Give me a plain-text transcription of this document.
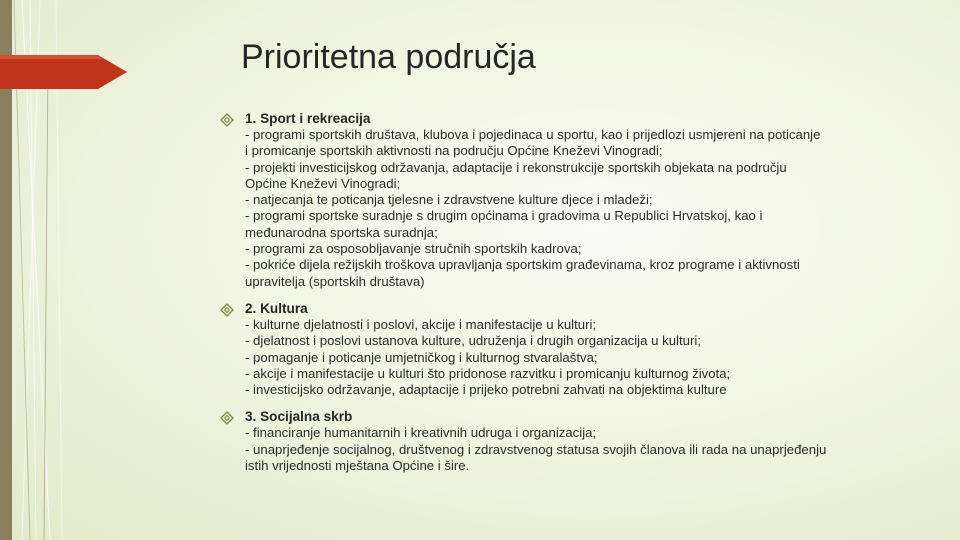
Prioritetna područja
1. Sport i rekreacija
- programi sportskih društava, klubova i pojedinaca u sportu, kao i prijedlozi usmjereni na poticanje
i promicanje sportskih aktivnosti na području Općine Kneževi Vinogradi;
- projekti investicijskog održavanja, adaptacije i rekonstrukcije sportskih objekata na području
Općine Kneževi Vinogradi;
- natjecanja te poticanja tjelesne i zdravstvene kulture djece i mladeži;
- programi sportske suradnje s drugim općinama i gradovima u Republici Hrvatskoj, kao i
međunarodna sportska suradnja;
- programi za osposobljavanje stručnih sportskih kadrova;
- pokriće dijela režijskih troškova upravljanja sportskim građevinama, kroz programe i aktivnosti
upravitelja (sportskih društava)
2. Kultura
- kulturne djelatnosti i poslovi, akcije i manifestacije u kulturi;
- djelatnost i poslovi ustanova kulture, udruženja i drugih organizacija u kulturi;
- pomaganje i poticanje umjetničkog i kulturnog stvaralaštva;
- akcije i manifestacije u kulturi što pridonose razvitku i promicanju kulturnog života;
- investicijsko održavanje, adaptacije i prijeko potrebni zahvati na objektima kulture
3. Socijalna skrb
- financiranje humanitarnih i kreativnih udruga i organizacija;
- unaprjeđenje socijalnog, društvenog i zdravstvenog statusa svojih članova ili rada na unaprjeđenju
istih vrijednosti mještana Općine i šire.
